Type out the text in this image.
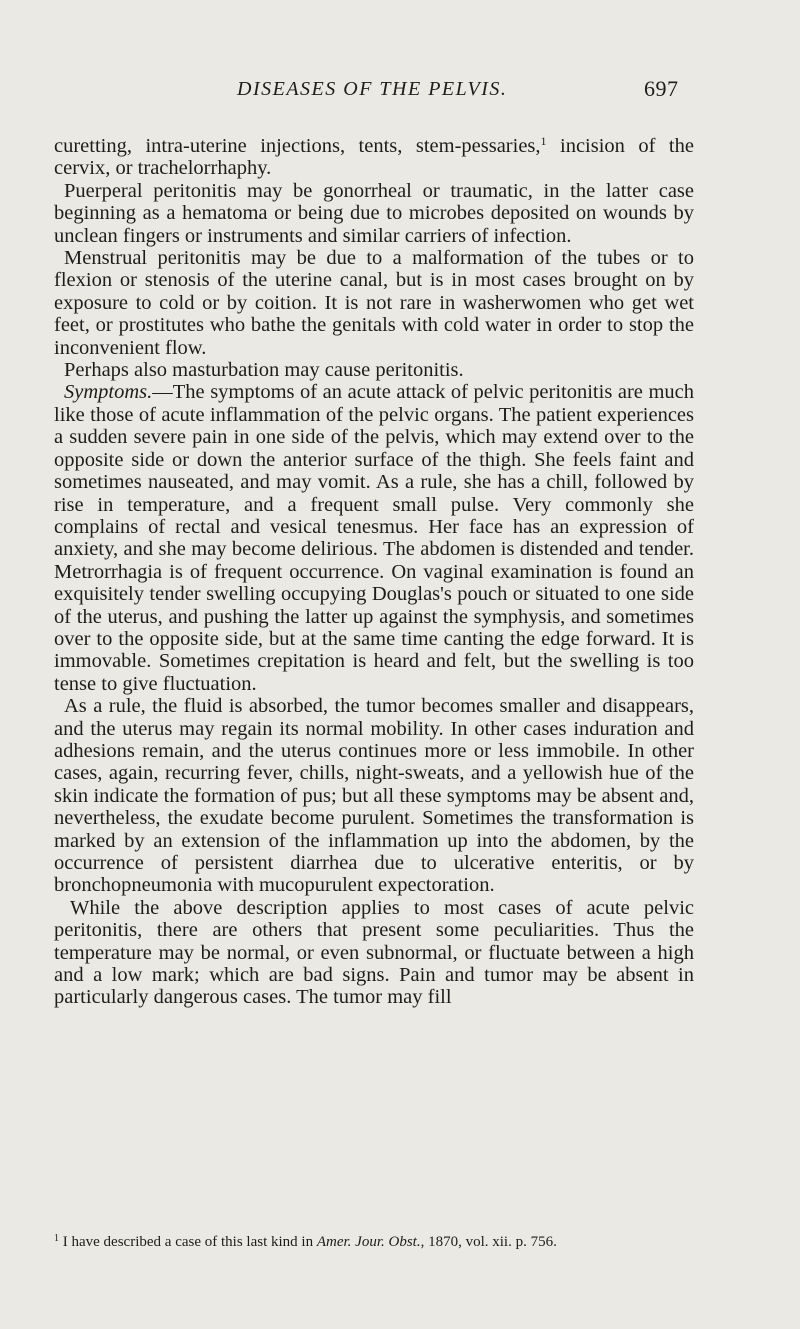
DISEASES OF THE PELVIS.	697

curetting, intra-uterine injections, tents, stem-pessaries,$^1$ incision of the cervix, or trachelorrhaphy.

Puerperal peritonitis may be gonorrheal or traumatic, in the latter case beginning as a hematoma or being due to microbes deposited on wounds by unclean fingers or instruments and similar carriers of infection.

Menstrual peritonitis may be due to a malformation of the tubes or to flexion or stenosis of the uterine canal, but is in most cases brought on by exposure to cold or by coition. It is not rare in washerwomen who get wet feet, or prostitutes who bathe the genitals with cold water in order to stop the inconvenient flow.

Perhaps also masturbation may cause peritonitis.

Symptoms.—The symptoms of an acute attack of pelvic peritonitis are much like those of acute inflammation of the pelvic organs. The patient experiences a sudden severe pain in one side of the pelvis, which may extend over to the opposite side or down the anterior surface of the thigh. She feels faint and sometimes nauseated, and may vomit. As a rule, she has a chill, followed by rise in temperature, and a frequent small pulse. Very commonly she complains of rectal and vesical tenesmus. Her face has an expression of anxiety, and she may become delirious. The abdomen is distended and tender. Metrorrhagia is of frequent occurrence. On vaginal examination is found an exquisitely tender swelling occupying Douglas's pouch or situated to one side of the uterus, and pushing the latter up against the symphysis, and sometimes over to the opposite side, but at the same time canting the edge forward. It is immovable. Sometimes crepitation is heard and felt, but the swelling is too tense to give fluctuation.

As a rule, the fluid is absorbed, the tumor becomes smaller and disappears, and the uterus may regain its normal mobility. In other cases induration and adhesions remain, and the uterus continues more or less immobile. In other cases, again, recurring fever, chills, night-sweats, and a yellowish hue of the skin indicate the formation of pus; but all these symptoms may be absent and, nevertheless, the exudate become purulent. Sometimes the transformation is marked by an extension of the inflammation up into the abdomen, by the occurrence of persistent diarrhea due to ulcerative enteritis, or by bronchopneumonia with mucopurulent expectoration.

While the above description applies to most cases of acute pelvic peritonitis, there are others that present some peculiarities. Thus the temperature may be normal, or even subnormal, or fluctuate between a high and a low mark; which are bad signs. Pain and tumor may be absent in particularly dangerous cases. The tumor may fill

$^1$ I have described a case of this last kind in Amer. Jour. Obst., 1870, vol. xii. p. 756.
